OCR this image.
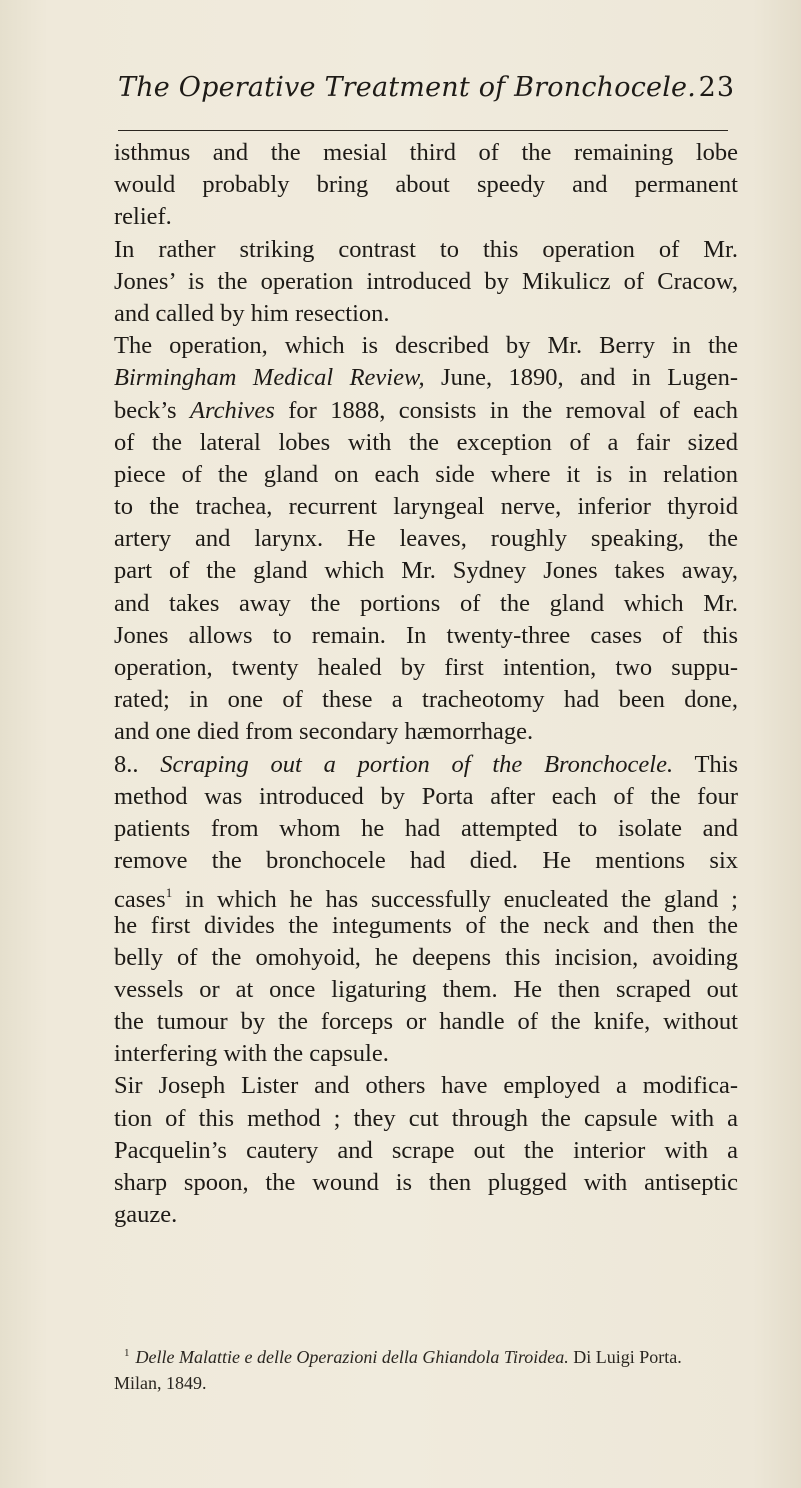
The Operative Treatment of Bronchocele. 23
isthmus and the mesial third of the remaining lobe
would probably bring about speedy and permanent
relief.
In rather striking contrast to this operation of Mr.
Jones’ is the operation introduced by Mikulicz of Cracow,
and called by him resection.
The operation, which is described by Mr. Berry in the
Birmingham Medical Review, June, 1890, and in Lugen-
beck’s Archives for 1888, consists in the removal of each
of the lateral lobes with the exception of a fair sized
piece of the gland on each side where it is in relation
to the trachea, recurrent laryngeal nerve, inferior thyroid
artery and larynx. He leaves, roughly speaking, the
part of the gland which Mr. Sydney Jones takes away,
and takes away the portions of the gland which Mr.
Jones allows to remain. In twenty-three cases of this
operation, twenty healed by first intention, two suppu-
rated; in one of these a tracheotomy had been done,
and one died from secondary hæmorrhage.
8.. Scraping out a portion of the Bronchocele. This
method was introduced by Porta after each of the four
patients from whom he had attempted to isolate and
remove the bronchocele had died. He mentions six
cases$^1$ in which he has successfully enucleated the gland ;
he first divides the integuments of the neck and then the
belly of the omohyoid, he deepens this incision, avoiding
vessels or at once ligaturing them. He then scraped out
the tumour by the forceps or handle of the knife, without
interfering with the capsule.
Sir Joseph Lister and others have employed a modifica-
tion of this method ; they cut through the capsule with a
Pacquelin’s cautery and scrape out the interior with a
sharp spoon, the wound is then plugged with antiseptic
gauze.
$^1$ Delle Malattie e delle Operazioni della Ghiandola Tiroidea. Di Luigi Porta.
Milan, 1849.
